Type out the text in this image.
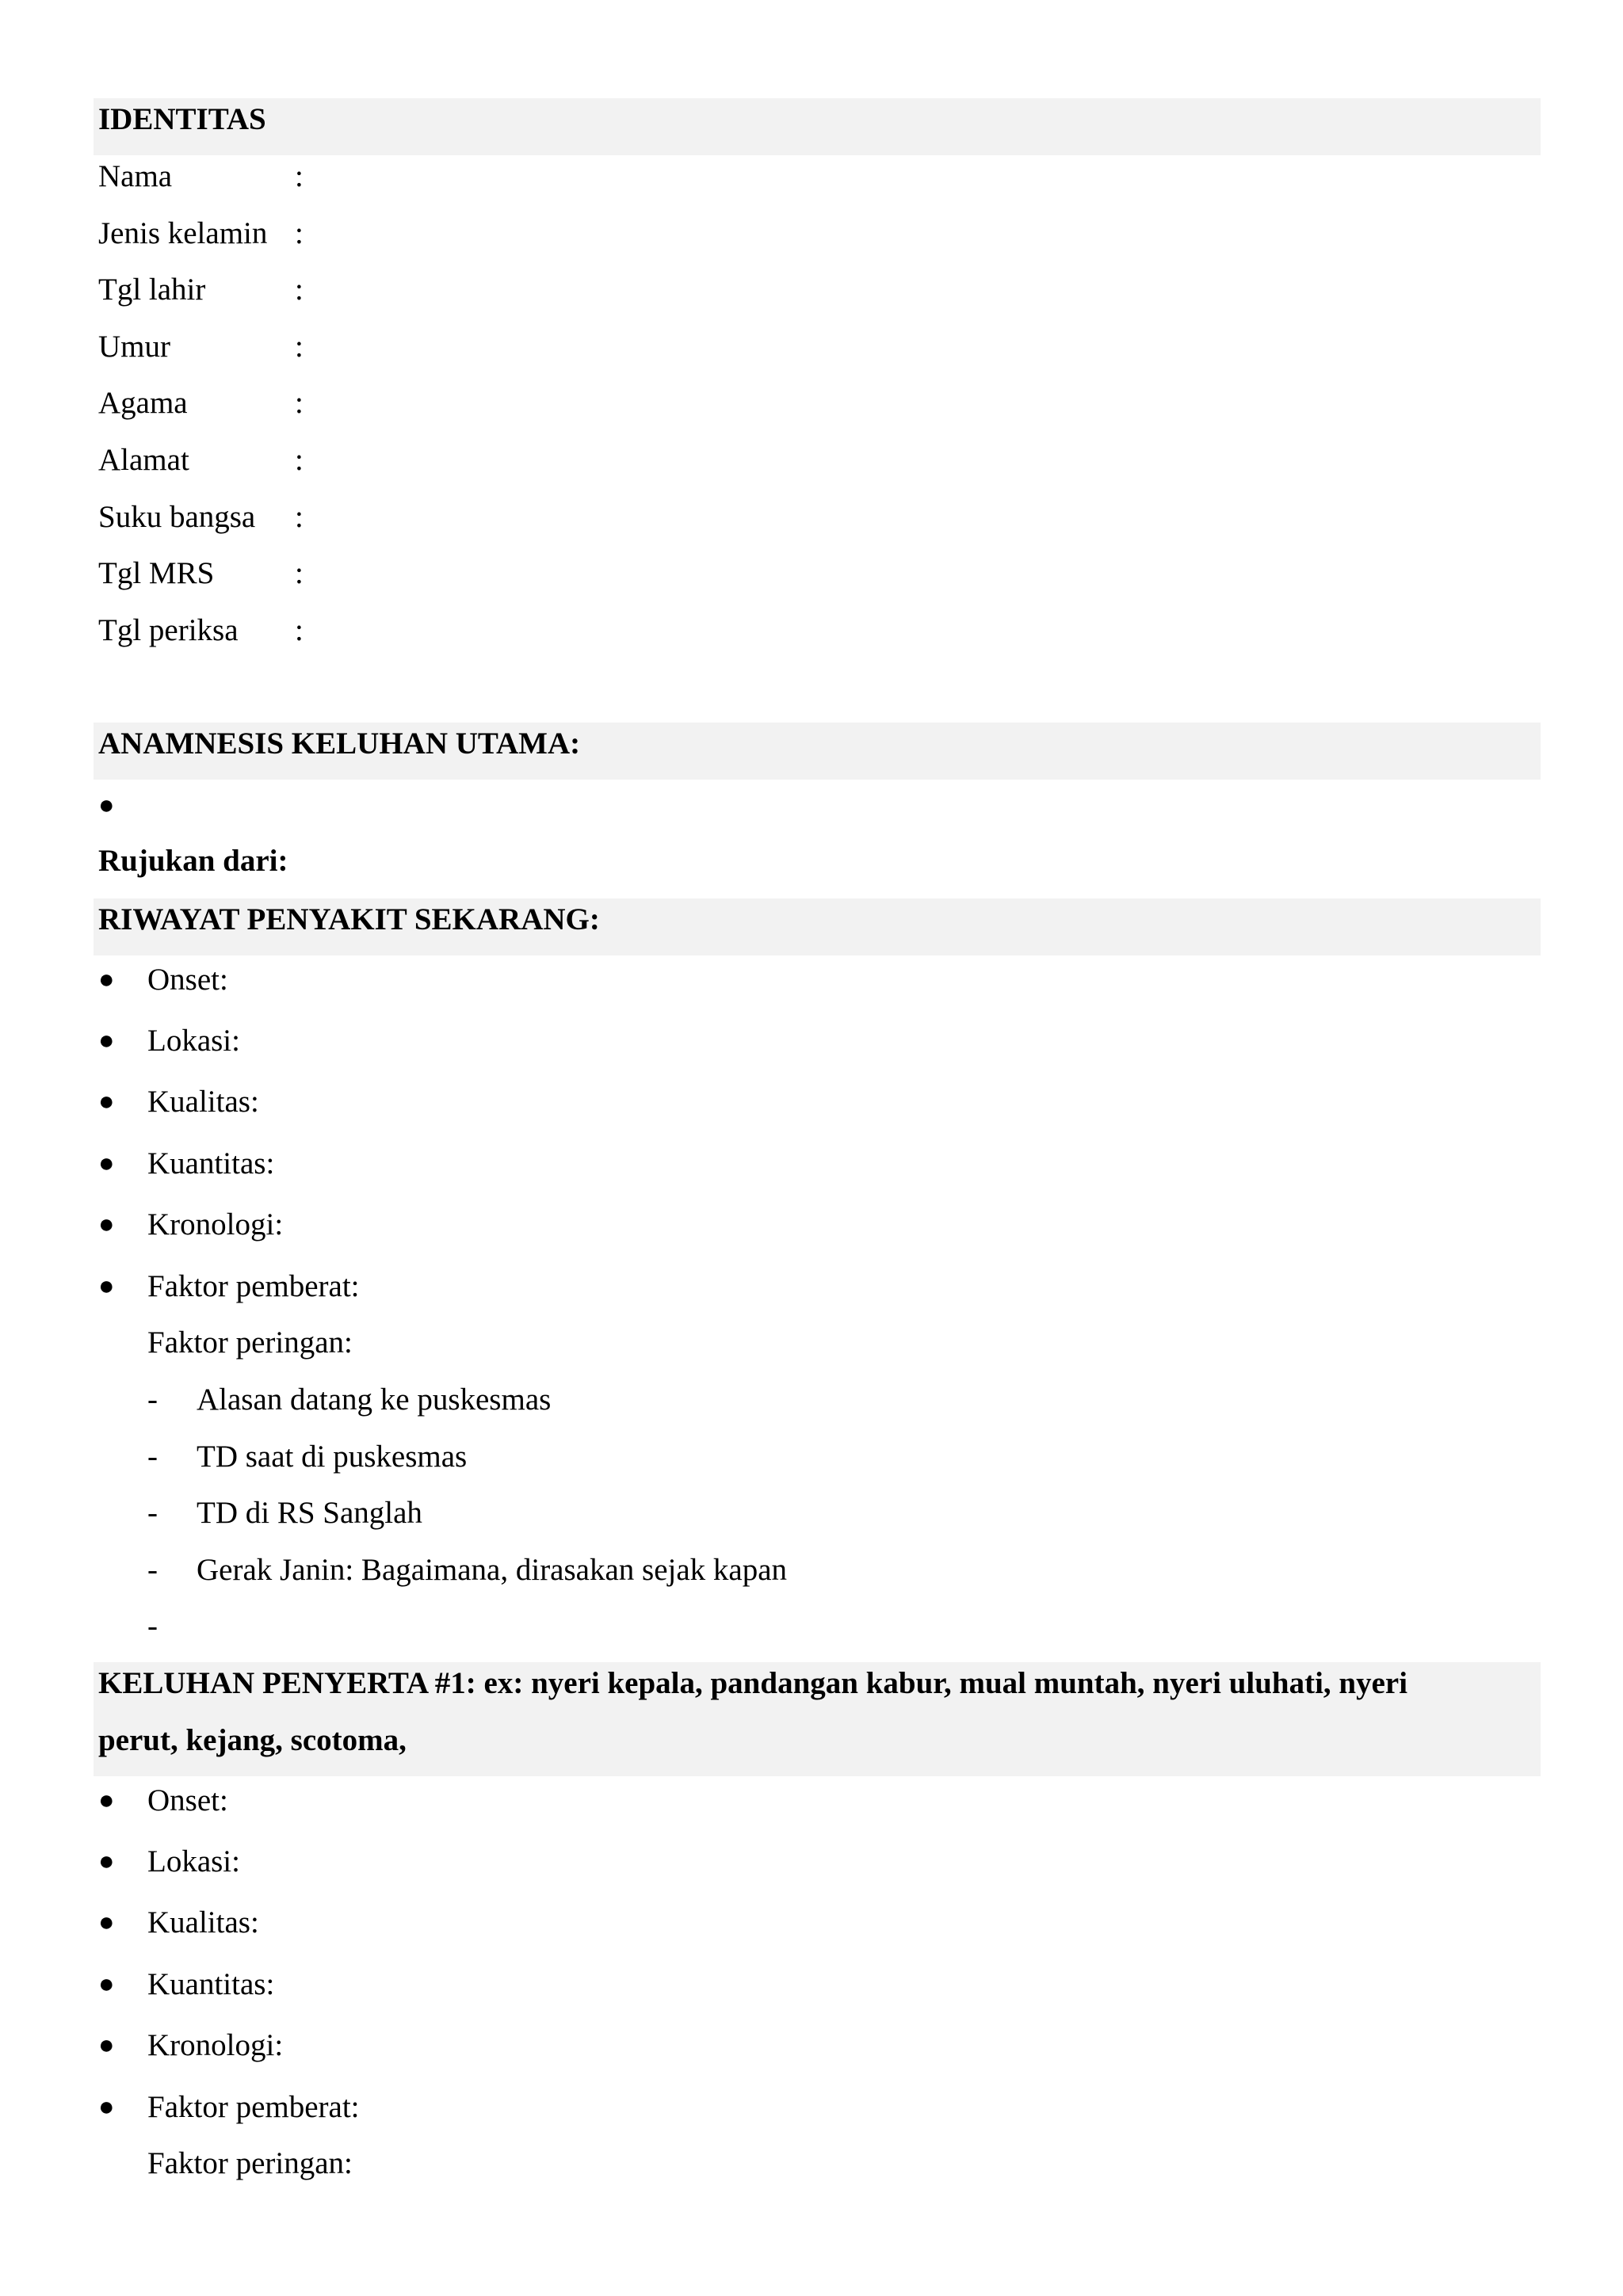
IDENTITAS
Nama	:
Jenis kelamin :
Tgl lahir	:
Umur	:
Agama	:
Alamat	:
Suku bangsa :
Tgl MRS	:
Tgl periksa :
ANAMNESIS KELUHAN UTAMA:
●
Rujukan dari:
RIWAYAT PENYAKIT SEKARANG:
● Onset:
● Lokasi:
● Kualitas:
● Kuantitas:
● Kronologi:
● Faktor pemberat:
Faktor peringan:
- Alasan datang ke puskesmas
- TD saat di puskesmas
- TD di RS Sanglah
- Gerak Janin: Bagaimana, dirasakan sejak kapan
-
KELUHAN PENYERTA #1: ex: nyeri kepala, pandangan kabur, mual muntah, nyeri uluhati, nyeri
perut, kejang, scotoma,
● Onset:
● Lokasi:
● Kualitas:
● Kuantitas:
● Kronologi:
● Faktor pemberat:
Faktor peringan:
